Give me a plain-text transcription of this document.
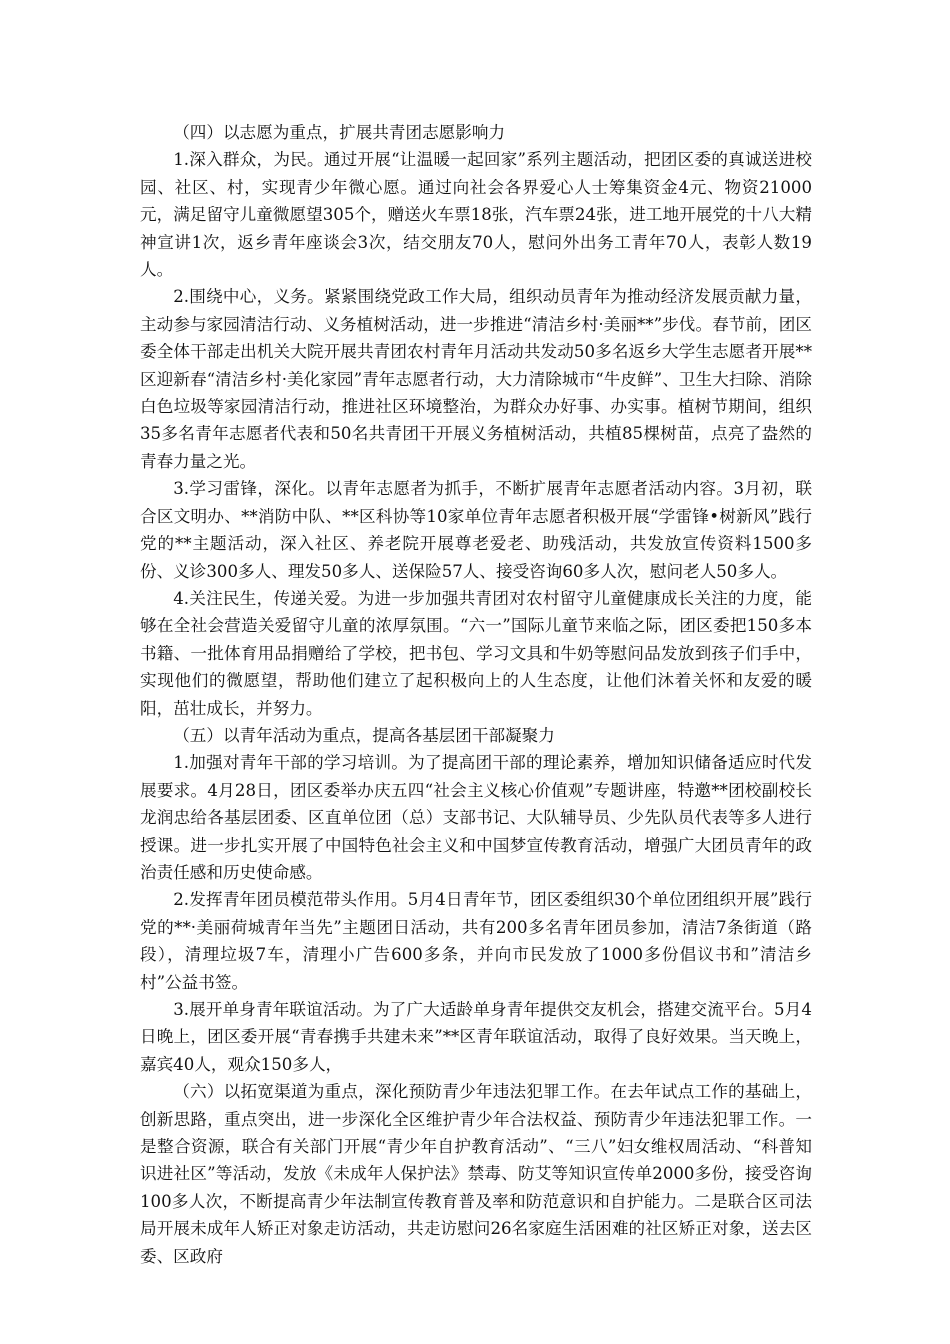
（四）以志愿为重点，扩展共青团志愿影响力

1.深入群众，为民。通过开展“让温暖一起回家”系列主题活动，把团区委的真诚送进校园、社区、村，实现青少年微心愿。通过向社会各界爱心人士筹集资金4元、物资21000元，满足留守儿童微愿望305个，赠送火车票18张，汽车票24张，进工地开展党的十八大精神宣讲1次，返乡青年座谈会3次，结交朋友70人，慰问外出务工青年70人，表彰人数19人。

2.围绕中心，义务。紧紧围绕党政工作大局，组织动员青年为推动经济发展贡献力量，主动参与家园清洁行动、义务植树活动，进一步推进“清洁乡村·美丽**”步伐。春节前，团区委全体干部走出机关大院开展共青团农村青年月活动共发动50多名返乡大学生志愿者开展**区迎新春“清洁乡村·美化家园”青年志愿者行动，大力清除城市“牛皮鲜”、卫生大扫除、消除白色垃圾等家园清洁行动，推进社区环境整治，为群众办好事、办实事。植树节期间，组织35多名青年志愿者代表和50名共青团干开展义务植树活动，共植85棵树苗，点亮了盎然的青春力量之光。

3.学习雷锋，深化。以青年志愿者为抓手，不断扩展青年志愿者活动内容。3月初，联合区文明办、**消防中队、**区科协等10家单位青年志愿者积极开展“学雷锋•树新风”践行党的**主题活动，深入社区、养老院开展尊老爱老、助残活动，共发放宣传资料1500多份、义诊300多人、理发50多人、送保险57人、接受咨询60多人次，慰问老人50多人。

4.关注民生，传递关爱。为进一步加强共青团对农村留守儿童健康成长关注的力度，能够在全社会营造关爱留守儿童的浓厚氛围。“六一”国际儿童节来临之际，团区委把150多本书籍、一批体育用品捐赠给了学校，把书包、学习文具和牛奶等慰问品发放到孩子们手中，实现他们的微愿望，帮助他们建立了起积极向上的人生态度，让他们沐着关怀和友爱的暖阳，茁壮成长，并努力。

（五）以青年活动为重点，提高各基层团干部凝聚力

1.加强对青年干部的学习培训。为了提高团干部的理论素养，增加知识储备适应时代发展要求。4月28日，团区委举办庆五四“社会主义核心价值观”专题讲座，特邀**团校副校长龙润忠给各基层团委、区直单位团（总）支部书记、大队辅导员、少先队员代表等多人进行授课。进一步扎实开展了中国特色社会主义和中国梦宣传教育活动，增强广大团员青年的政治责任感和历史使命感。

2.发挥青年团员模范带头作用。5月4日青年节，团区委组织30个单位团组织开展”践行党的**·美丽荷城青年当先”主题团日活动，共有200多名青年团员参加，清洁7条街道（路段），清理垃圾7车，清理小广告600多条，并向市民发放了1000多份倡议书和”清洁乡村”公益书签。

3.展开单身青年联谊活动。为了广大适龄单身青年提供交友机会，搭建交流平台。5月4日晚上，团区委开展“青春携手共建未来”**区青年联谊活动，取得了良好效果。当天晚上，嘉宾40人，观众150多人，

（六）以拓宽渠道为重点，深化预防青少年违法犯罪工作。在去年试点工作的基础上，创新思路，重点突出，进一步深化全区维护青少年合法权益、预防青少年违法犯罪工作。一是整合资源，联合有关部门开展“青少年自护教育活动”、“三八”妇女维权周活动、“科普知识进社区”等活动，发放《未成年人保护法》禁毒、防艾等知识宣传单2000多份，接受咨询100多人次，不断提高青少年法制宣传教育普及率和防范意识和自护能力。二是联合区司法局开展未成年人矫正对象走访活动，共走访慰问26名家庭生活困难的社区矫正对象，送去区委、区政府
